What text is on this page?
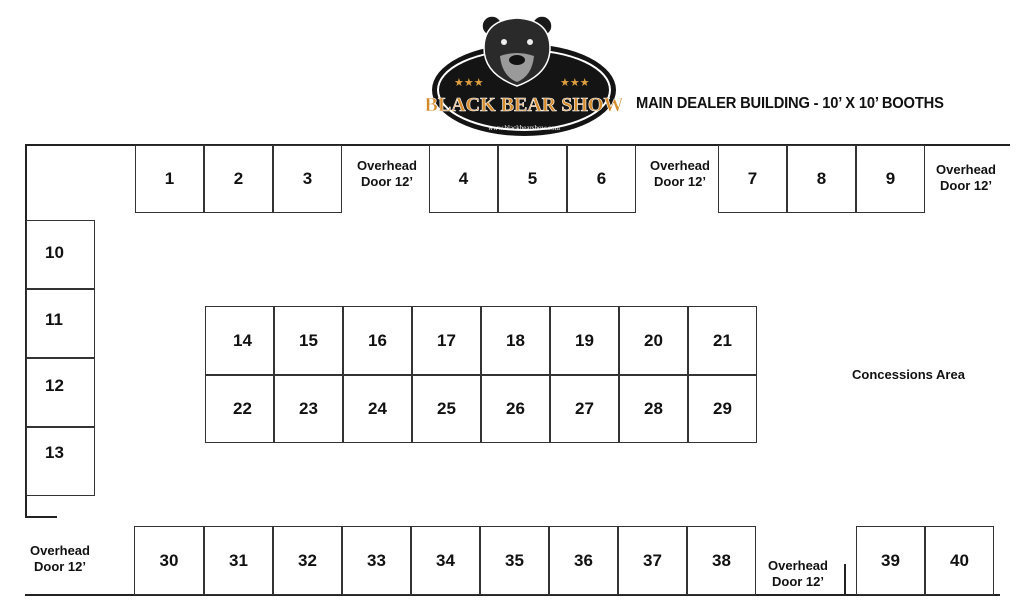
★★★	★★★
BLACK BEAR SHOW
www.blackbearshow.com
MAIN DEALER BUILDING - 10’ X 10’ BOOTHS
1	2	3
Overhead
Door 12’	4	5	6
Overhead
Door 12’	7	8	9	Overhead
Door 12’
10
11
12
13
14	15	16	17	18	19	20	21
22	23	24	25	26	27	28	29
Concessions Area
Overhead
Door 12’	30	31	32	33	34	35	36	37	38	Overhead
Door 12’
39	40
